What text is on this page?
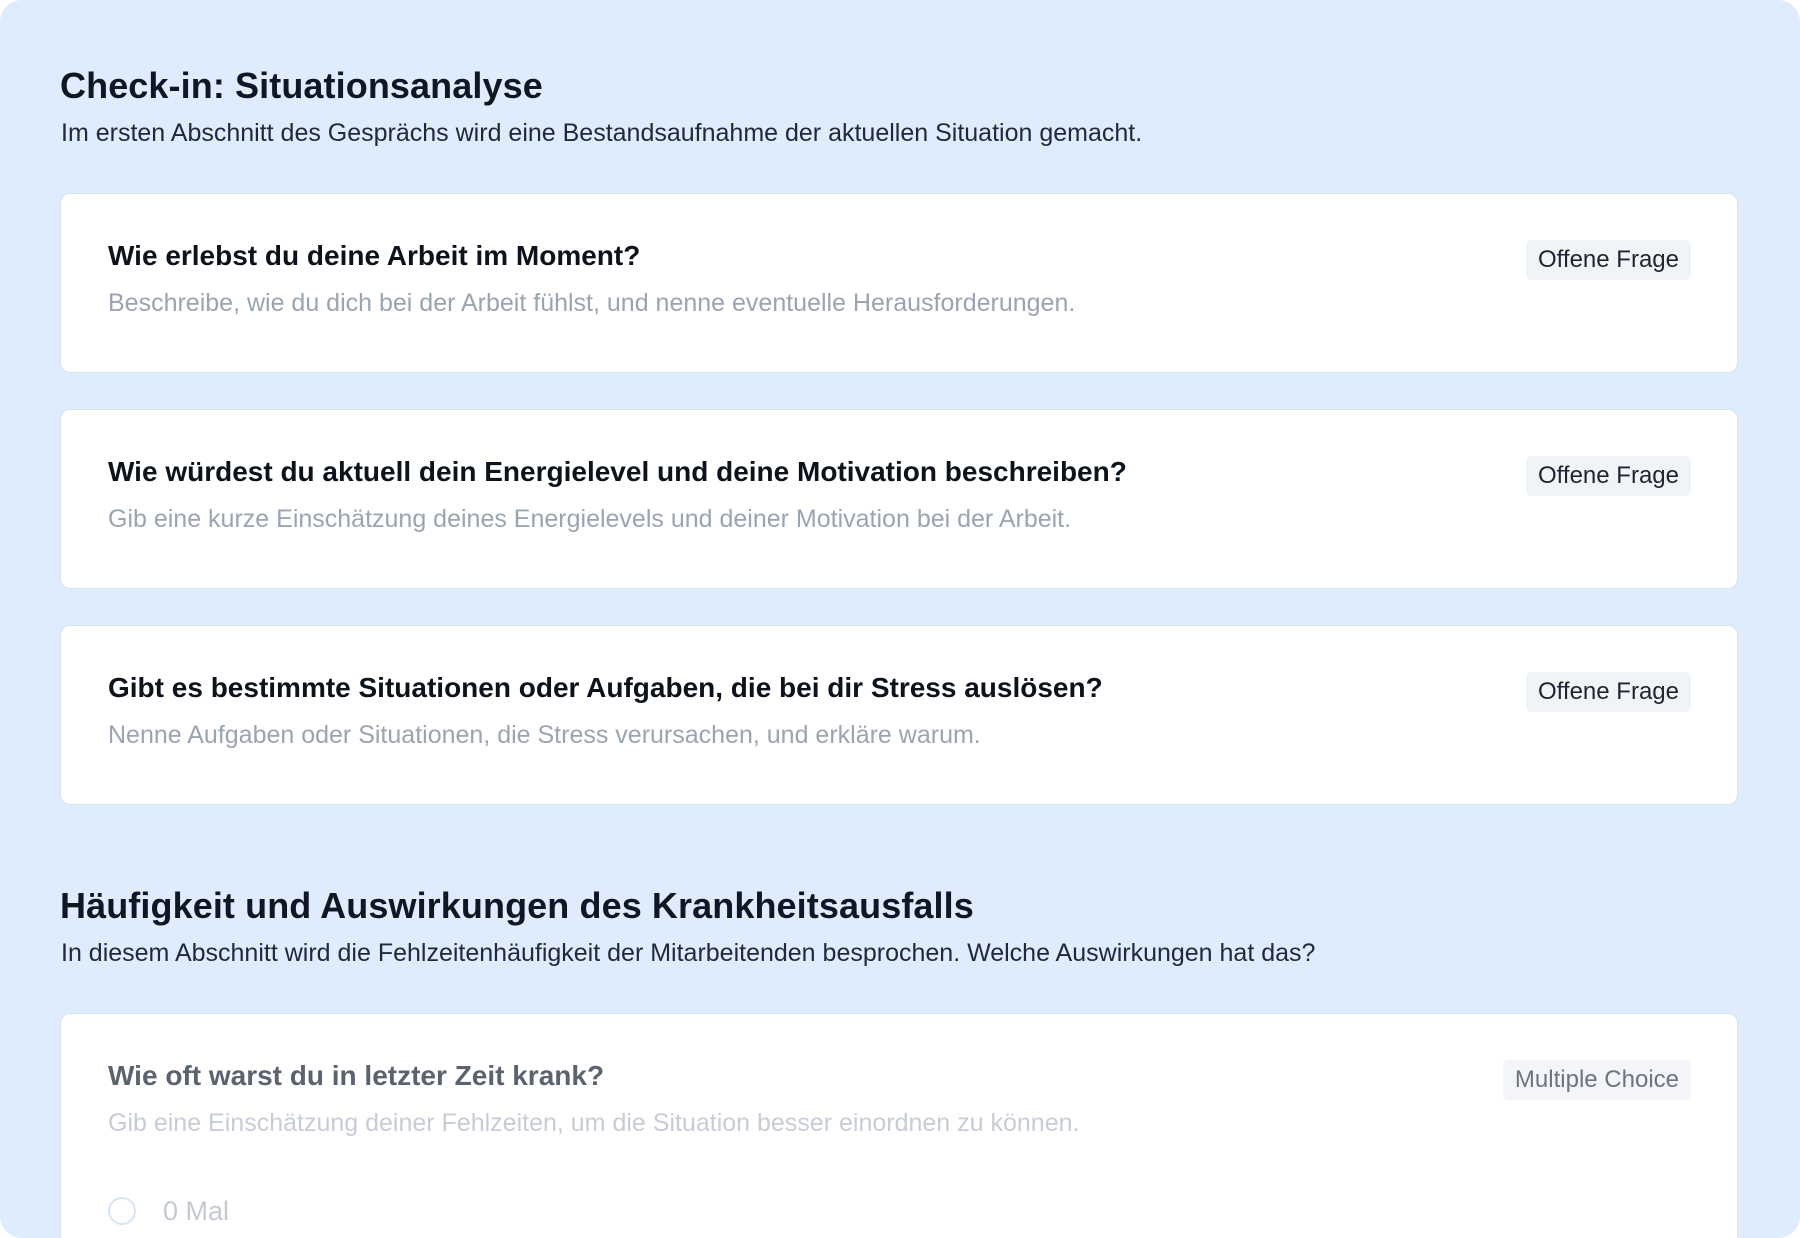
Check-in: Situationsanalyse

Im ersten Abschnitt des Gesprächs wird eine Bestandsaufnahme der aktuellen Situation gemacht.

Wie erlebst du deine Arbeit im Moment?

Beschreibe, wie du dich bei der Arbeit fühlst, und nenne eventuelle Herausforderungen.

Offene Frage

Wie würdest du aktuell dein Energielevel und deine Motivation beschreiben?

Gib eine kurze Einschätzung deines Energielevels und deiner Motivation bei der Arbeit.

Offene Frage

Gibt es bestimmte Situationen oder Aufgaben, die bei dir Stress auslösen?

Nenne Aufgaben oder Situationen, die Stress verursachen, und erkläre warum.

Offene Frage
Häufigkeit und Auswirkungen des Krankheitsausfalls

In diesem Abschnitt wird die Fehlzeitenhäufigkeit der Mitarbeitenden besprochen. Welche Auswirkungen hat das?

Wie oft warst du in letzter Zeit krank?

Gib eine Einschätzung deiner Fehlzeiten, um die Situation besser einordnen zu können.

Multiple Choice
0 Mal
